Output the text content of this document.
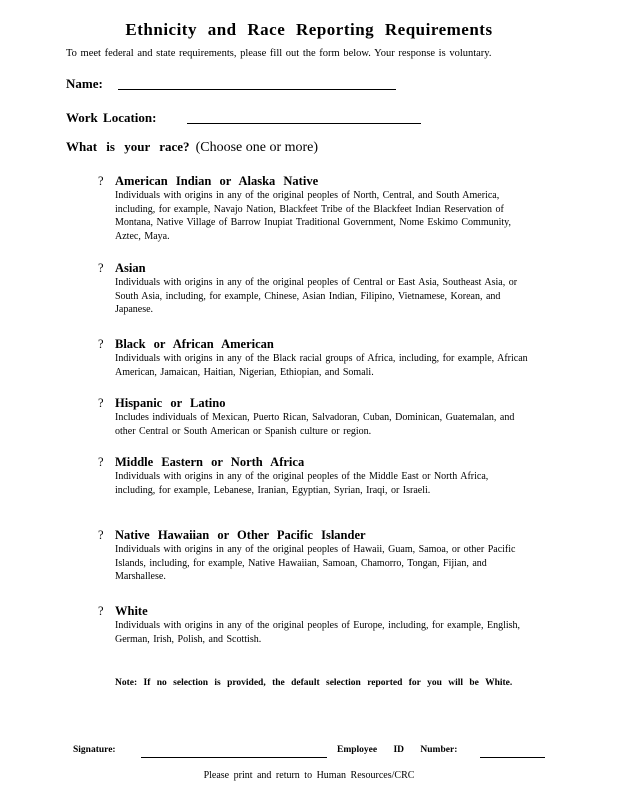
Ethnicity and Race Reporting Requirements
To meet federal and state requirements, please fill out the form below. Your response is voluntary.
Name:
Work Location:
What is your race? (Choose one or more)
? American Indian or Alaska Native
Individuals with origins in any of the original peoples of North, Central, and South America, including, for example, Navajo Nation, Blackfeet Tribe of the Blackfeet Indian Reservation of Montana, Native Village of Barrow Inupiat Traditional Government, Nome Eskimo Community, Aztec, Maya.
? Asian
Individuals with origins in any of the original peoples of Central or East Asia, Southeast Asia, or South Asia, including, for example, Chinese, Asian Indian, Filipino, Vietnamese, Korean, and Japanese.
? Black or African American
Individuals with origins in any of the Black racial groups of Africa, including, for example, African American, Jamaican, Haitian, Nigerian, Ethiopian, and Somali.
? Hispanic or Latino
Includes individuals of Mexican, Puerto Rican, Salvadoran, Cuban, Dominican, Guatemalan, and other Central or South American or Spanish culture or region.
? Middle Eastern or North Africa
Individuals with origins in any of the original peoples of the Middle East or North Africa, including, for example, Lebanese, Iranian, Egyptian, Syrian, Iraqi, or Israeli.
? Native Hawaiian or Other Pacific Islander
Individuals with origins in any of the original peoples of Hawaii, Guam, Samoa, or other Pacific Islands, including, for example, Native Hawaiian, Samoan, Chamorro, Tongan, Fijian, and Marshallese.
? White
Individuals with origins in any of the original peoples of Europe, including, for example, English, German, Irish, Polish, and Scottish.
Note: If no selection is provided, the default selection reported for you will be White.
Signature:	Employee ID Number:
Please print and return to Human Resources/CRC
